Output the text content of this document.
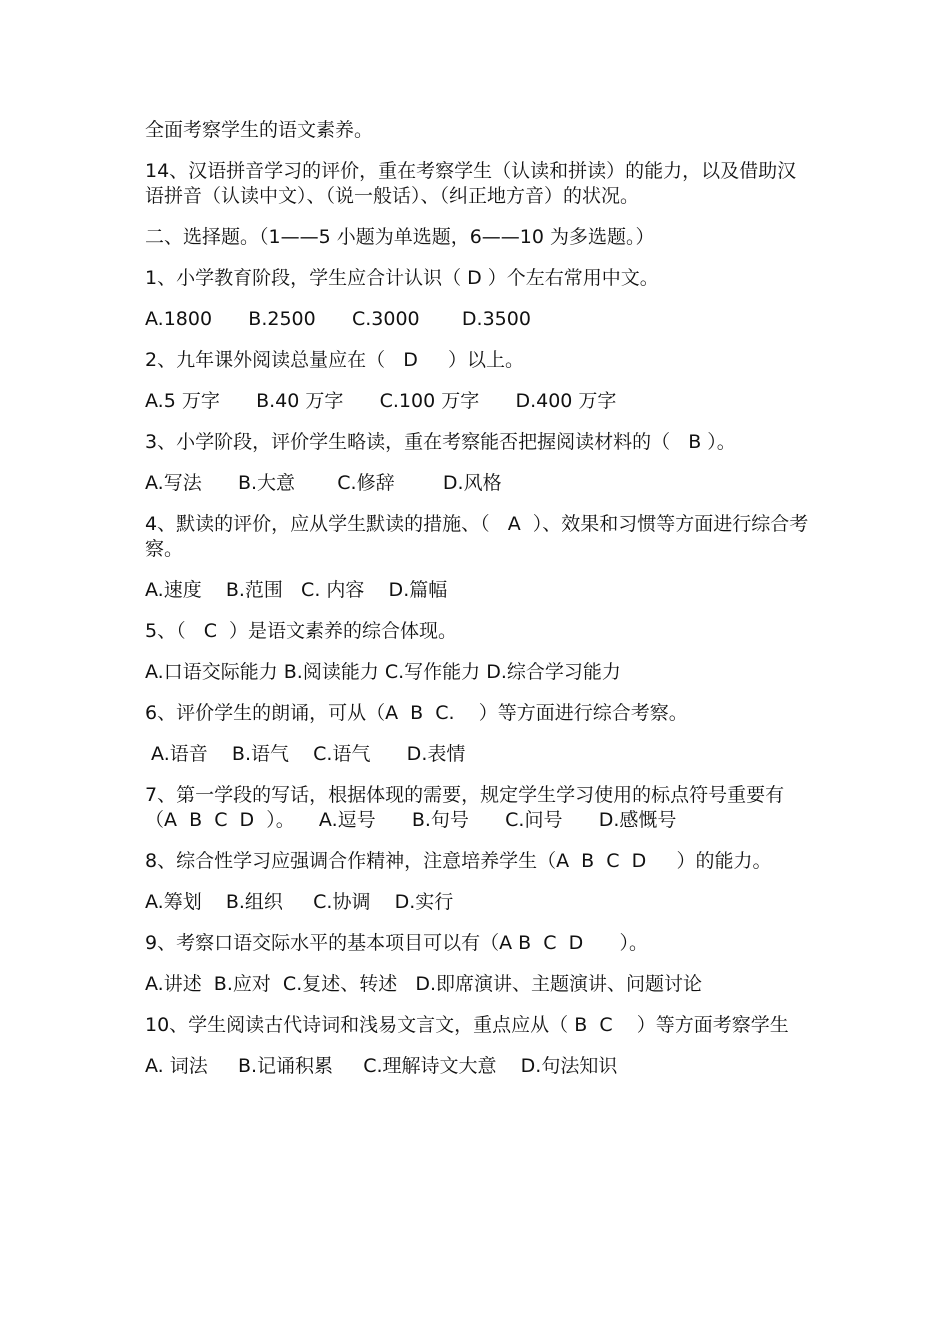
全面考察学生的语文素养。

14、汉语拼音学习的评价，重在考察学生（认读和拼读）的能力，以及借助汉语拼音（认读中文）、（说一般话）、（纠正地方音）的状况。

二、选择题。（1——5 小题为单选题，6——10 为多选题。）

1、小学教育阶段，学生应合计认识（ D ）个左右常用中文。

A.1800      B.2500      C.3000       D.3500

2、九年课外阅读总量应在（   D     ）以上。

A.5 万字      B.40 万字      C.100 万字      D.400 万字

3、小学阶段，评价学生略读，重在考察能否把握阅读材料的（   B ）。

A.写法      B.大意       C.修辞        D.风格

4、默读的评价，应从学生默读的措施、（   A  ）、效果和习惯等方面进行综合考察。

A.速度    B.范围   C. 内容    D.篇幅

5、（   C  ）是语文素养的综合体现。

A.口语交际能力 B.阅读能力 C.写作能力 D.综合学习能力

6、评价学生的朗诵，可从（A  B  C.    ）等方面进行综合考察。

A.语音    B.语气    C.语气      D.表情

7、第一学段的写话，根据体现的需要，规定学生学习使用的标点符号重要有（A  B  C  D  ）。    A.逗号      B.句号      C.问号      D.感慨号

8、综合性学习应强调合作精神，注意培养学生（A  B  C  D     ）的能力。

A.筹划    B.组织     C.协调    D.实行

9、考察口语交际水平的基本项目可以有（A B  C  D      ）。

A.讲述  B.应对  C.复述、转述   D.即席演讲、主题演讲、问题讨论

10、学生阅读古代诗词和浅易文言文，重点应从（ B  C    ）等方面考察学生

A. 词法     B.记诵积累     C.理解诗文大意    D.句法知识
